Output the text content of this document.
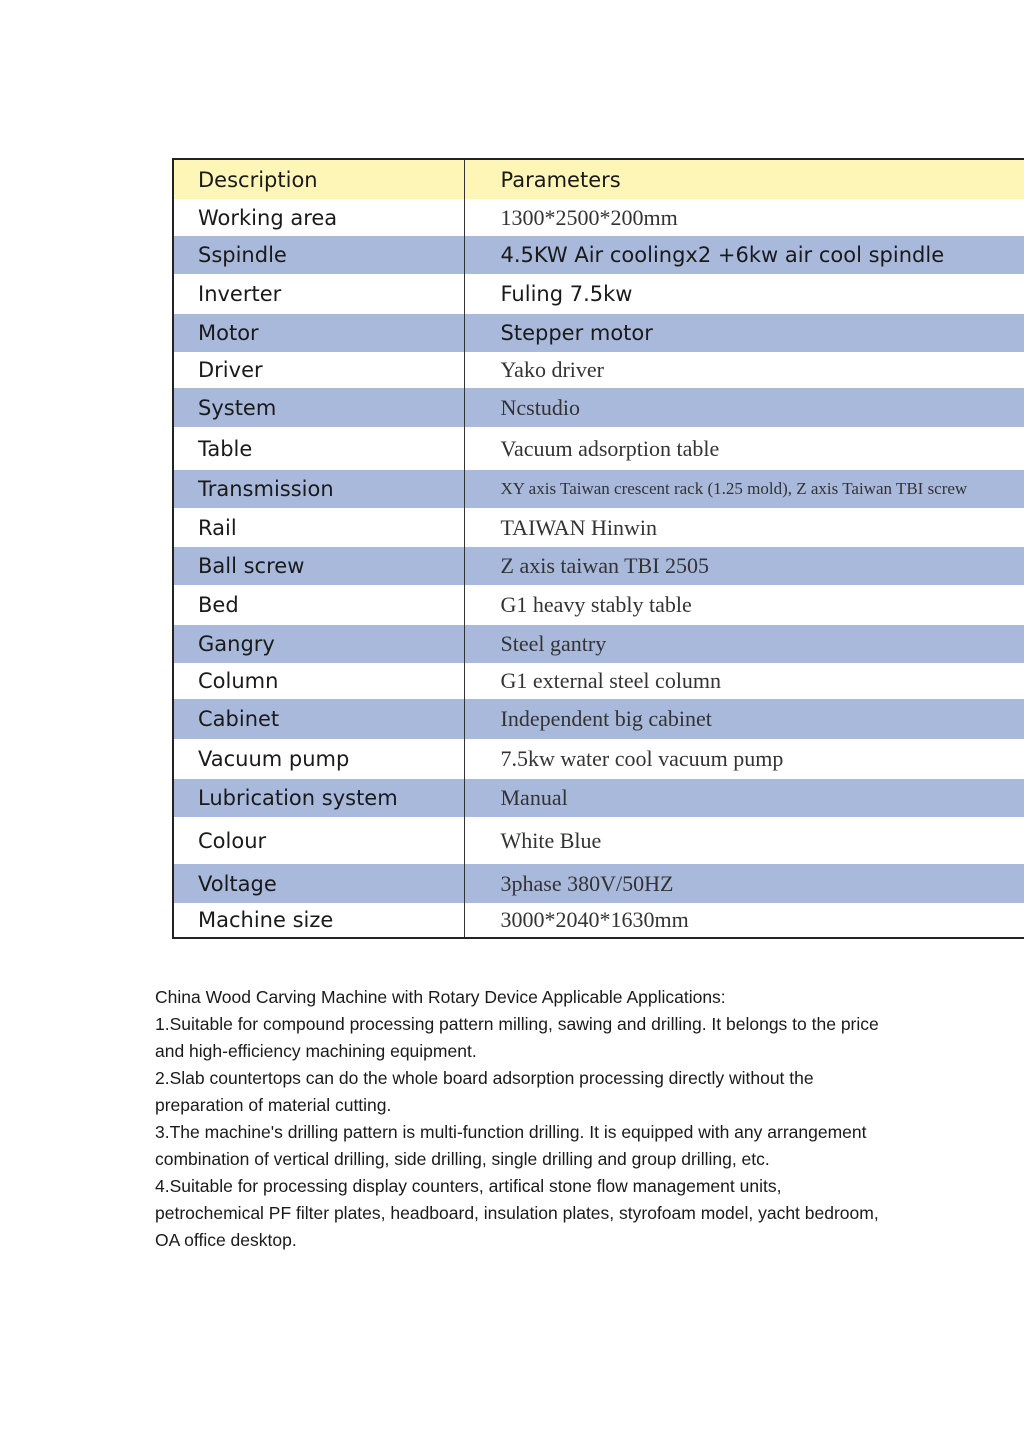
Description	Parameters
Working area	1300*2500*200mm
Sspindle	4.5KW Air coolingx2 +6kw air cool spindle
Inverter	Fuling 7.5kw
Motor	Stepper motor
Driver	Yako driver
System	Ncstudio
Table	Vacuum adsorption table
Transmission	XY axis Taiwan crescent rack (1.25 mold), Z axis Taiwan TBI screw
Rail	TAIWAN Hinwin
Ball screw	Z axis taiwan TBI 2505
Bed	G1 heavy stably table
Gangry	Steel gantry
Column	G1 external steel column
Cabinet	Independent big cabinet
Vacuum pump	7.5kw water cool vacuum pump
Lubrication system	Manual
Colour	White Blue
Voltage	3phase 380V/50HZ
Machine size	3000*2040*1630mm

China Wood Carving Machine with Rotary Device Applicable Applications:

1.Suitable for compound processing pattern milling, sawing and drilling. It belongs to the price and high-efficiency machining equipment.

2.Slab countertops can do the whole board adsorption processing directly without the preparation of material cutting.

3.The machine's drilling pattern is multi-function drilling. It is equipped with any arrangement combination of vertical drilling, side drilling, single drilling and group drilling, etc.

4.Suitable for processing display counters, artifical stone flow management units, petrochemical PF filter plates, headboard, insulation plates, styrofoam model, yacht bedroom, OA office desktop.
